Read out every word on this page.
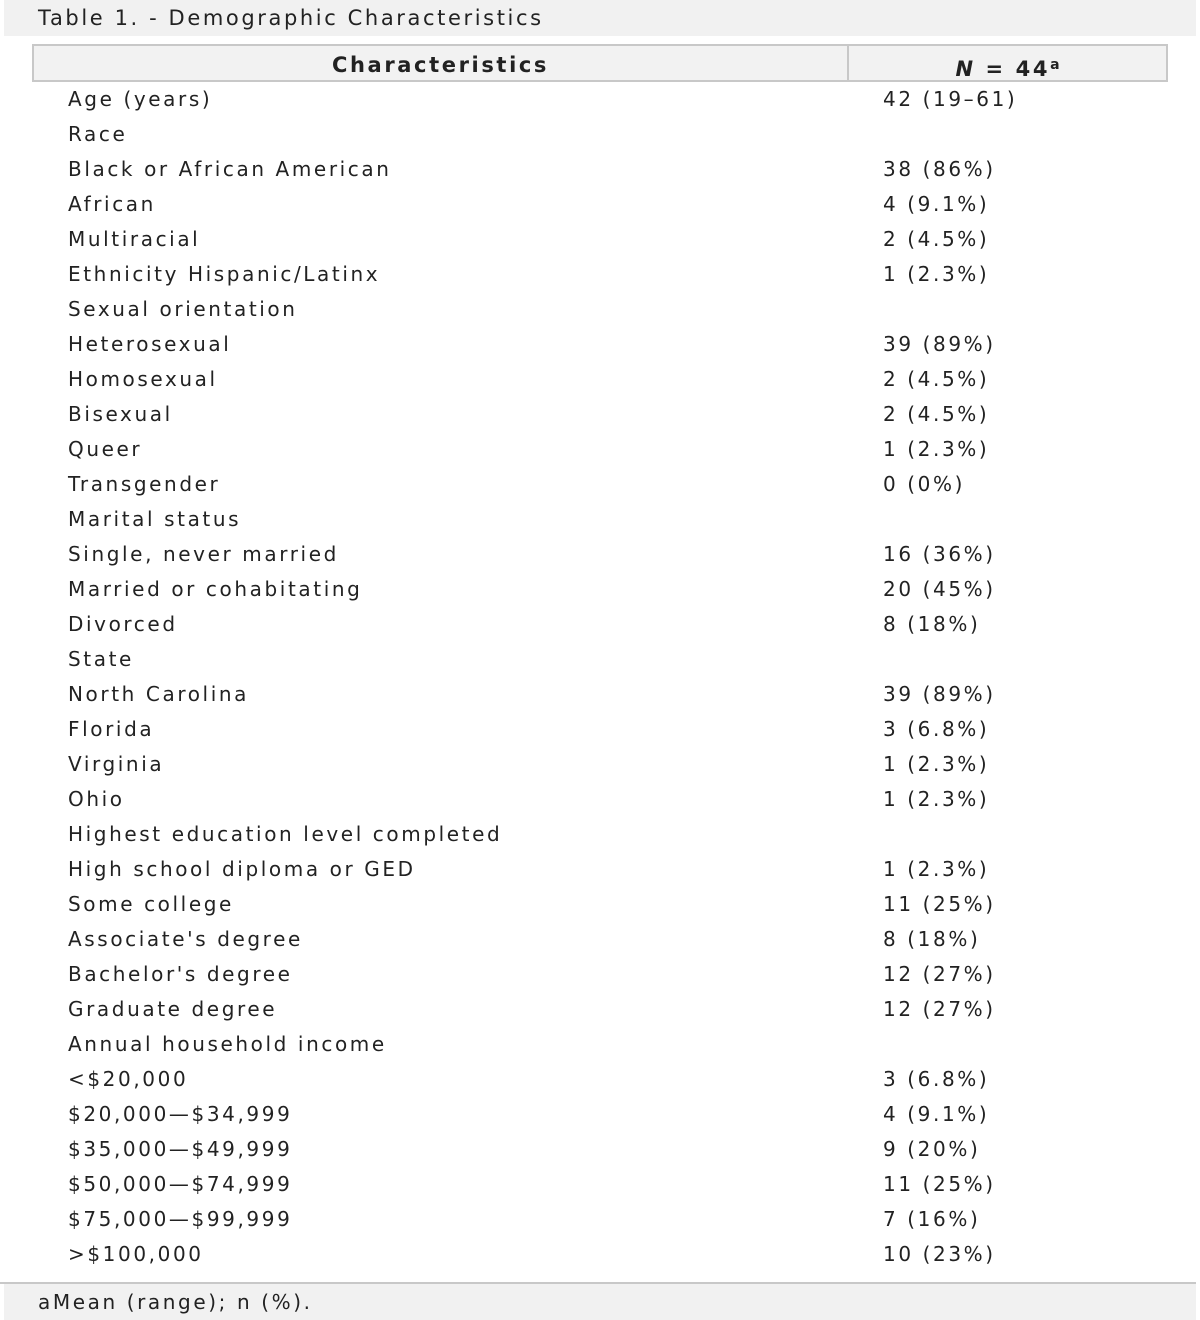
Table 1. - Demographic Characteristics
Characteristics	$N = 44^a$
Age (years)	42 (19–61)
Race
Black or African American	38 (86%)
African	4 (9.1%)
Multiracial	2 (4.5%)
Ethnicity Hispanic/Latinx	1 (2.3%)
Sexual orientation
Heterosexual	39 (89%)
Homosexual	2 (4.5%)
Bisexual	2 (4.5%)
Queer	1 (2.3%)
Transgender	0 (0%)
Marital status
Single, never married	16 (36%)
Married or cohabitating	20 (45%)
Divorced	8 (18%)
State
North Carolina	39 (89%)
Florida	3 (6.8%)
Virginia	1 (2.3%)
Ohio	1 (2.3%)
Highest education level completed
High school diploma or GED	1 (2.3%)
Some college	11 (25%)
Associate's degree	8 (18%)
Bachelor's degree	12 (27%)
Graduate degree	12 (27%)
Annual household income
<$20,000	3 (6.8%)
$20,000—$34,999	4 (9.1%)
$35,000—$49,999	9 (20%)
$50,000—$74,999	11 (25%)
$75,000—$99,999	7 (16%)
>$100,000	10 (23%)
aMean (range); n (%).
